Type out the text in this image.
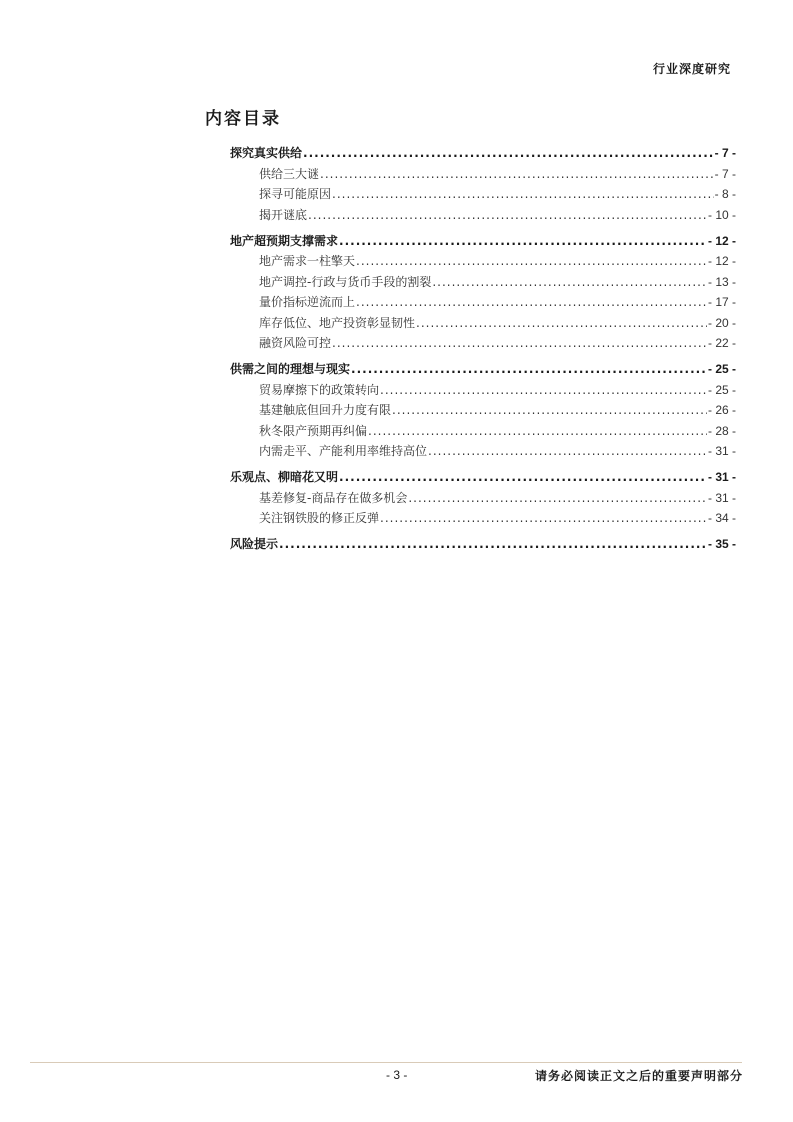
行业深度研究
内容目录
探究真实供给 .....	- 7 -
供给三大谜 .....	- 7 -
探寻可能原因 .....	- 8 -
揭开谜底 .....	- 10 -
地产超预期支撑需求 .....	- 12 -
地产需求一柱擎天 .....	- 12 -
地产调控-行政与货币手段的割裂 .....	- 13 -
量价指标逆流而上 .....	- 17 -
库存低位、地产投资彰显韧性 .....	- 20 -
融资风险可控 .....	- 22 -
供需之间的理想与现实 .....	- 25 -
贸易摩擦下的政策转向 .....	- 25 -
基建触底但回升力度有限 .....	- 26 -
秋冬限产预期再纠偏 .....	- 28 -
内需走平、产能利用率维持高位 .....	- 31 -
乐观点、柳暗花又明 .....	- 31 -
基差修复-商品存在做多机会 .....	- 31 -
关注钢铁股的修正反弹 .....	- 34 -
风险提示 .....	- 35 -
- 3 -	请务必阅读正文之后的重要声明部分
